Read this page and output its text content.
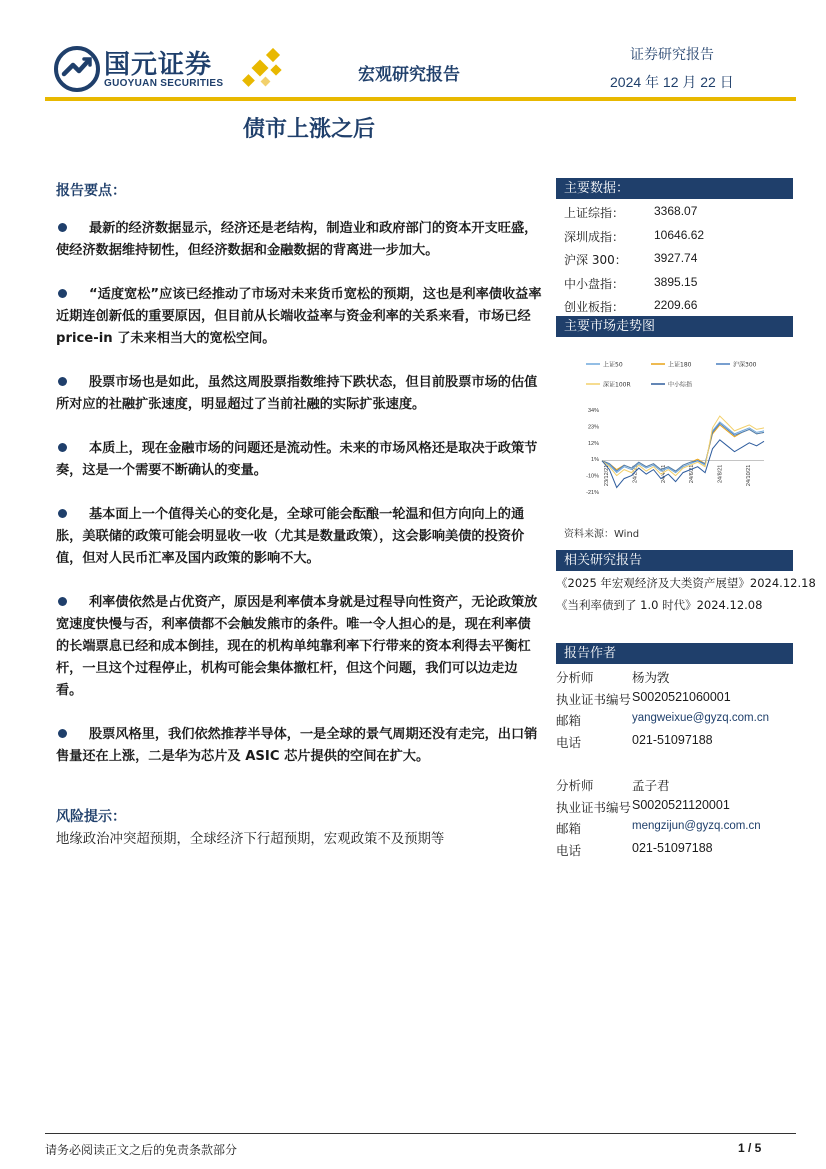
国元证券
GUOYUAN SECURITIES	宏观研究报告
证券研究报告
2024 年 12 月 22 日
债市上涨之后
报告要点：

最新的经济数据显示，经济还是老结构，制造业和政府部门的资本开支旺盛，使经济数据维持韧性，但经济数据和金融数据的背离进一步加大。

“适度宽松”应该已经推动了市场对未来货币宽松的预期，这也是利率债收益率近期连创新低的重要原因，但目前从长端收益率与资金利率的关系来看，市场已经 price-in 了未来相当大的宽松空间。

股票市场也是如此，虽然这周股票指数维持下跌状态，但目前股票市场的估值所对应的社融扩张速度，明显超过了当前社融的实际扩张速度。

本质上，现在金融市场的问题还是流动性。未来的市场风格还是取决于政策节奏，这是一个需要不断确认的变量。

基本面上一个值得关心的变化是，全球可能会酝酿一轮温和但方向向上的通胀，美联储的政策可能会明显收一收（尤其是数量政策），这会影响美债的投资价值，但对人民币汇率及国内政策的影响不大。

利率债依然是占优资产，原因是利率债本身就是过程导向性资产，无论政策放宽速度快慢与否，利率债都不会触发熊市的条件。唯一令人担心的是，现在利率债的长端票息已经和成本倒挂，现在的机构单纯靠利率下行带来的资本利得去平衡杠杆，一旦这个过程停止，机构可能会集体撤杠杆，但这个问题，我们可以边走边看。

股票风格里，我们依然推荐半导体，一是全球的景气周期还没有走完，出口销售量还在上涨，二是华为芯片及 ASIC 芯片提供的空间在扩大。

风险提示：
地缘政治冲突超预期，全球经济下行超预期，宏观政策不及预期等
主要数据：
上证综指： 3368.07
深圳成指： 10646.62
沪深 300： 3927.74
中小盘指： 3895.15
创业板指： 2209.66
主要市场走势图
上证50	上证180	沪深300
深证100R	中小综指
34%
23%
12%
1%
-10%
-21%
23/12/21	24/2/21	24/4/21	24/6/21	24/8/21	24/10/21
资料来源：Wind
相关研究报告
《2025 年宏观经济及大类资产展望》2024.12.18
《当利率债到了 1.0 时代》2024.12.08
报告作者
分析师	杨为敩
执业证书编号 S0020521060001
邮箱	yangweixue@gyzq.com.cn
电话	021-51097188
分析师	孟子君
执业证书编号 S0020521120001
邮箱	mengzijun@gyzq.com.cn
电话	021-51097188
请务必阅读正文之后的免责条款部分	1 / 5
